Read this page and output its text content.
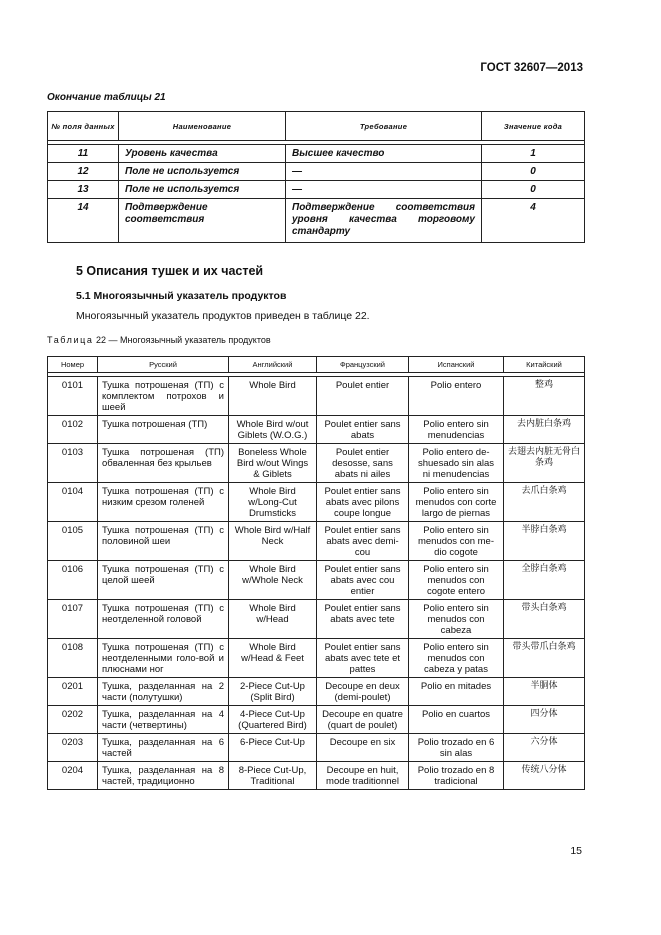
ГОСТ 32607—2013
Окончание таблицы 21
№ поля данных	Наименование	Требование	Значение кода

11	Уровень качества	Высшее качество	1
12	Поле не используется	—	0
13	Поле не используется	—	0
14	Подтверждение соответствия	Подтверждение соответствия уровня качества торговому стандарту	4
5 Описания тушек и их частей
5.1 Многоязычный указатель продуктов
Многоязычный указатель продуктов приведен в таблице 22.
Таблица 22 — Многоязычный указатель продуктов
Номер	Русский	Английский	Французский	Испанский	Китайский

0101	Тушка потрошеная (ТП) с комплектом потрохов и шеей	Whole Bird	Poulet entier	Polio entero	整鸡
0102	Тушка потрошеная (ТП)	Whole Bird w/out Giblets (W.O.G.)	Poulet entier sans abats	Polio entero sin menudencias	去内脏白条鸡
0103	Тушка потрошеная (ТП) обваленная без крыльев	Boneless Whole Bird w/out Wings & Giblets	Poulet entier desosse, sans abats ni ailes	Polio entero de-shuesado sin alas ni menudencias	去翅去内脏无骨白条鸡
0104	Тушка потрошеная (ТП) с низким срезом голеней	Whole Bird w/Long-Cut Drumsticks	Poulet entier sans abats avec pilons coupe longue	Polio entero sin menudos con corte largo de piernas	去爪白条鸡
0105	Тушка потрошеная (ТП) с половиной шеи	Whole Bird w/Half Neck	Poulet entier sans abats avec demi-cou	Polio entero sin menudos con me-dio cogote	半脖白条鸡
0106	Тушка потрошеная (ТП) с целой шеей	Whole Bird w/Whole Neck	Poulet entier sans abats avec cou entier	Polio entero sin menudos con cogote entero	全脖白条鸡
0107	Тушка потрошеная (ТП) с неотделенной головой	Whole Bird w/Head	Poulet entier sans abats avec tete	Polio entero sin menudos con cabeza	带头白条鸡
0108	Тушка потрошеная (ТП) с неотделенными голо-вой и плюснами ног	Whole Bird w/Head & Feet	Poulet entier sans abats avec tete et pattes	Polio entero sin menudos con cabeza y patas	带头带爪白条鸡
0201	Тушка, разделанная на 2 части (полутушки)	2-Piece Cut-Up (Split Bird)	Decoupe en deux (demi-poulet)	Polio en mitades	半胴体
0202	Тушка, разделанная на 4 части (четвертины)	4-Piece Cut-Up (Quartered Bird)	Decoupe en quatre (quart de poulet)	Polio en cuartos	四分体
0203	Тушка, разделанная на 6 частей	6-Piece Cut-Up	Decoupe en six	Polio trozado en 6 sin alas	六分体
0204	Тушка, разделанная на 8 частей, традиционно	8-Piece Cut-Up, Traditional	Decoupe en huit, mode traditionnel	Polio trozado en 8 tradicional	传统八分体
15
